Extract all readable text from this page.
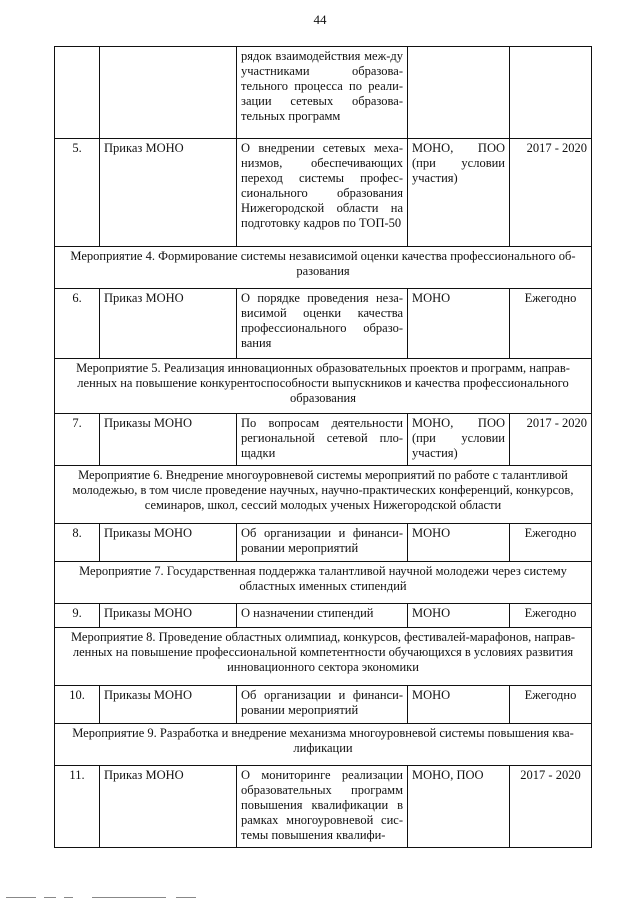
44
		рядок взаимодействия меж-ду участниками образова-тельного процесса по реали-зации сетевых образова-тельных программ		
5.	Приказ МОНО	О внедрении сетевых меха-низмов, обеспечивающих переход системы профес-сионального образования Нижегородской области на подготовку кадров по ТОП-50	МОНО, ПОО (при условии участия)	2017 - 2020
Мероприятие 4. Формирование системы независимой оценки качества профессионального об-разования				
6.	Приказ МОНО	О порядке проведения неза-висимой оценки качества профессионального образо-вания	МОНО	Ежегодно
Мероприятие 5. Реализация инновационных образовательных проектов и программ, направ-ленных на повышение конкурентоспособности выпускников и качества профессионального образования				
7.	Приказы МОНО	По вопросам деятельности региональной сетевой пло-щадки	МОНО, ПОО (при условии участия)	2017 - 2020
Мероприятие 6. Внедрение многоуровневой системы мероприятий по работе с талантливой молодежью, в том числе проведение научных, научно-практических конференций, конкурсов, семинаров, школ, сессий молодых ученых Нижегородской области				
8.	Приказы МОНО	Об организации и финанси-ровании мероприятий	МОНО	Ежегодно
Мероприятие 7. Государственная поддержка талантливой научной молодежи через систему областных именных стипендий				
9.	Приказы МОНО	О назначении стипендий	МОНО	Ежегодно
Мероприятие 8. Проведение областных олимпиад, конкурсов, фестивалей-марафонов, направ-ленных на повышение профессиональной компетентности обучающихся в условиях развития инновационного сектора экономики				
10.	Приказы МОНО	Об организации и финанси-ровании мероприятий	МОНО	Ежегодно
Мероприятие 9. Разработка и внедрение механизма многоуровневой системы повышения ква-лификации				
11.	Приказ МОНО	О мониторинге реализации образовательных программ повышения квалификации в рамках многоуровневой сис-темы повышения квалифи-	МОНО, ПОО	2017 - 2020
